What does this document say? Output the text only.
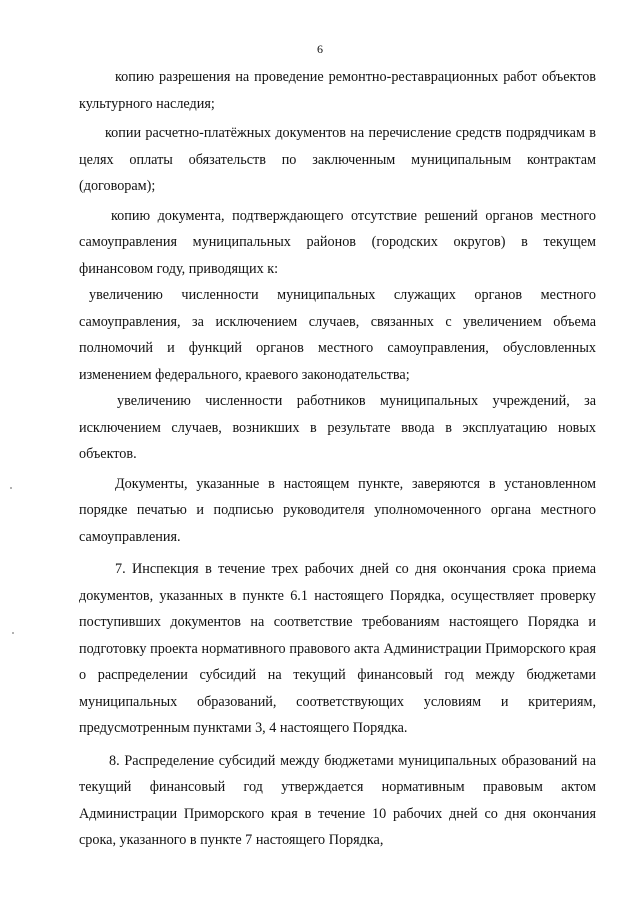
6

копию разрешения на проведение ремонтно-реставрационных работ объектов культурного наследия;

копии расчетно-платёжных документов на перечисление средств подрядчикам в целях оплаты обязательств по заключенным муниципальным контрактам (договорам);

копию документа, подтверждающего отсутствие решений органов местного самоуправления муниципальных районов (городских округов) в текущем финансовом году, приводящих к:

увеличению численности муниципальных служащих органов местного самоуправления, за исключением случаев, связанных с увеличением объема полномочий и функций органов местного самоуправления, обусловленных изменением федерального, краевого законодательства;

увеличению численности работников муниципальных учреждений, за исключением случаев, возникших в результате ввода в эксплуатацию новых объектов.

Документы, указанные в настоящем пункте, заверяются в установленном порядке печатью и подписью руководителя уполномоченного органа местного самоуправления.

7. Инспекция в течение трех рабочих дней со дня окончания срока приема документов, указанных в пункте 6.1 настоящего Порядка, осуществляет проверку поступивших документов на соответствие требованиям настоящего Порядка и подготовку проекта нормативного правового акта Администрации Приморского края о распределении субсидий на текущий финансовый год между бюджетами муниципальных образований, соответствующих условиям и критериям, предусмотренным пунктами 3, 4 настоящего Порядка.

8. Распределение субсидий между бюджетами муниципальных образований на текущий финансовый год утверждается нормативным правовым актом Администрации Приморского края в течение 10 рабочих дней со дня окончания срока, указанного в пункте 7 настоящего Порядка,
